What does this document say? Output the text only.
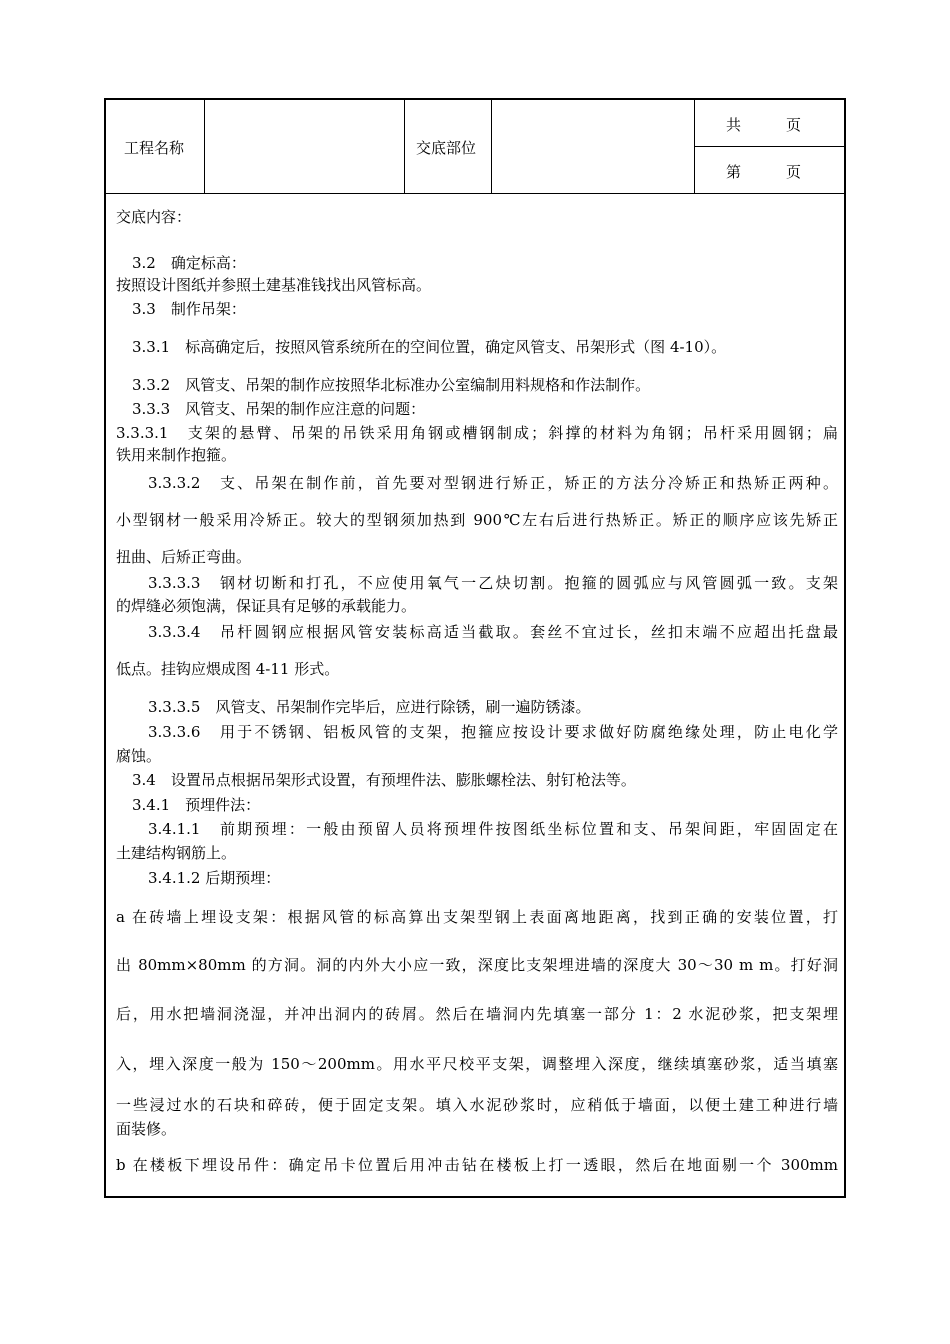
工程名称	交底部位
共　　　页
第　　　页
交底内容：
3.2　确定标高：
按照设计图纸并参照土建基准钱找出风管标高。
3.3　制作吊架：
3.3.1　标高确定后，按照风管系统所在的空间位置，确定风管支、吊架形式（图 4-10）。
3.3.2　风管支、吊架的制作应按照华北标准办公室编制用料规格和作法制作。
3.3.3　风管支、吊架的制作应注意的问题：
3.3.3.1　支架的悬臂、吊架的吊铁采用角钢或槽钢制成；斜撑的材料为角钢；吊杆采用圆钢；扁
铁用来制作抱箍。
3.3.3.2　支、吊架在制作前，首先要对型钢进行矫正，矫正的方法分冷矫正和热矫正两种。
小型钢材一般采用冷矫正。较大的型钢须加热到 900℃左右后进行热矫正。矫正的顺序应该先矫正
扭曲、后矫正弯曲。
3.3.3.3　钢材切断和打孔，不应使用氧气一乙炔切割。抱箍的圆弧应与风管圆弧一致。支架
的焊缝必须饱满，保证具有足够的承载能力。
3.3.3.4　吊杆圆钢应根据风管安装标高适当截取。套丝不宜过长，丝扣末端不应超出托盘最
低点。挂钩应煨成图 4-11 形式。
3.3.3.5　风管支、吊架制作完毕后，应进行除锈，刷一遍防锈漆。
3.3.3.6　用于不锈钢、铝板风管的支架，抱箍应按设计要求做好防腐绝缘处理，防止电化学
腐蚀。
3.4　设置吊点根据吊架形式设置，有预埋件法、膨胀螺栓法、射钉枪法等。
3.4.1　预埋件法：
3.4.1.1　前期预埋：一般由预留人员将预埋件按图纸坐标位置和支、吊架间距，牢固固定在
土建结构钢筋上。
3.4.1.2 后期预埋：
a 在砖墙上埋设支架：根据风管的标高算出支架型钢上表面离地距离，找到正确的安装位置，打
出 80mm×80mm 的方洞。洞的内外大小应一致，深度比支架埋进墙的深度大 30～30 m m。打好洞
后，用水把墙洞浇湿，并冲出洞内的砖屑。然后在墙洞内先填塞一部分 1：2 水泥砂浆，把支架埋
入，埋入深度一般为 150～200mm。用水平尺校平支架，调整埋入深度，继续填塞砂浆，适当填塞
一些浸过水的石块和碎砖，便于固定支架。填入水泥砂浆时，应稍低于墙面，以便土建工种进行墙
面装修。
b 在楼板下埋设吊件：确定吊卡位置后用冲击钻在楼板上打一透眼，然后在地面剔一个 300mm
